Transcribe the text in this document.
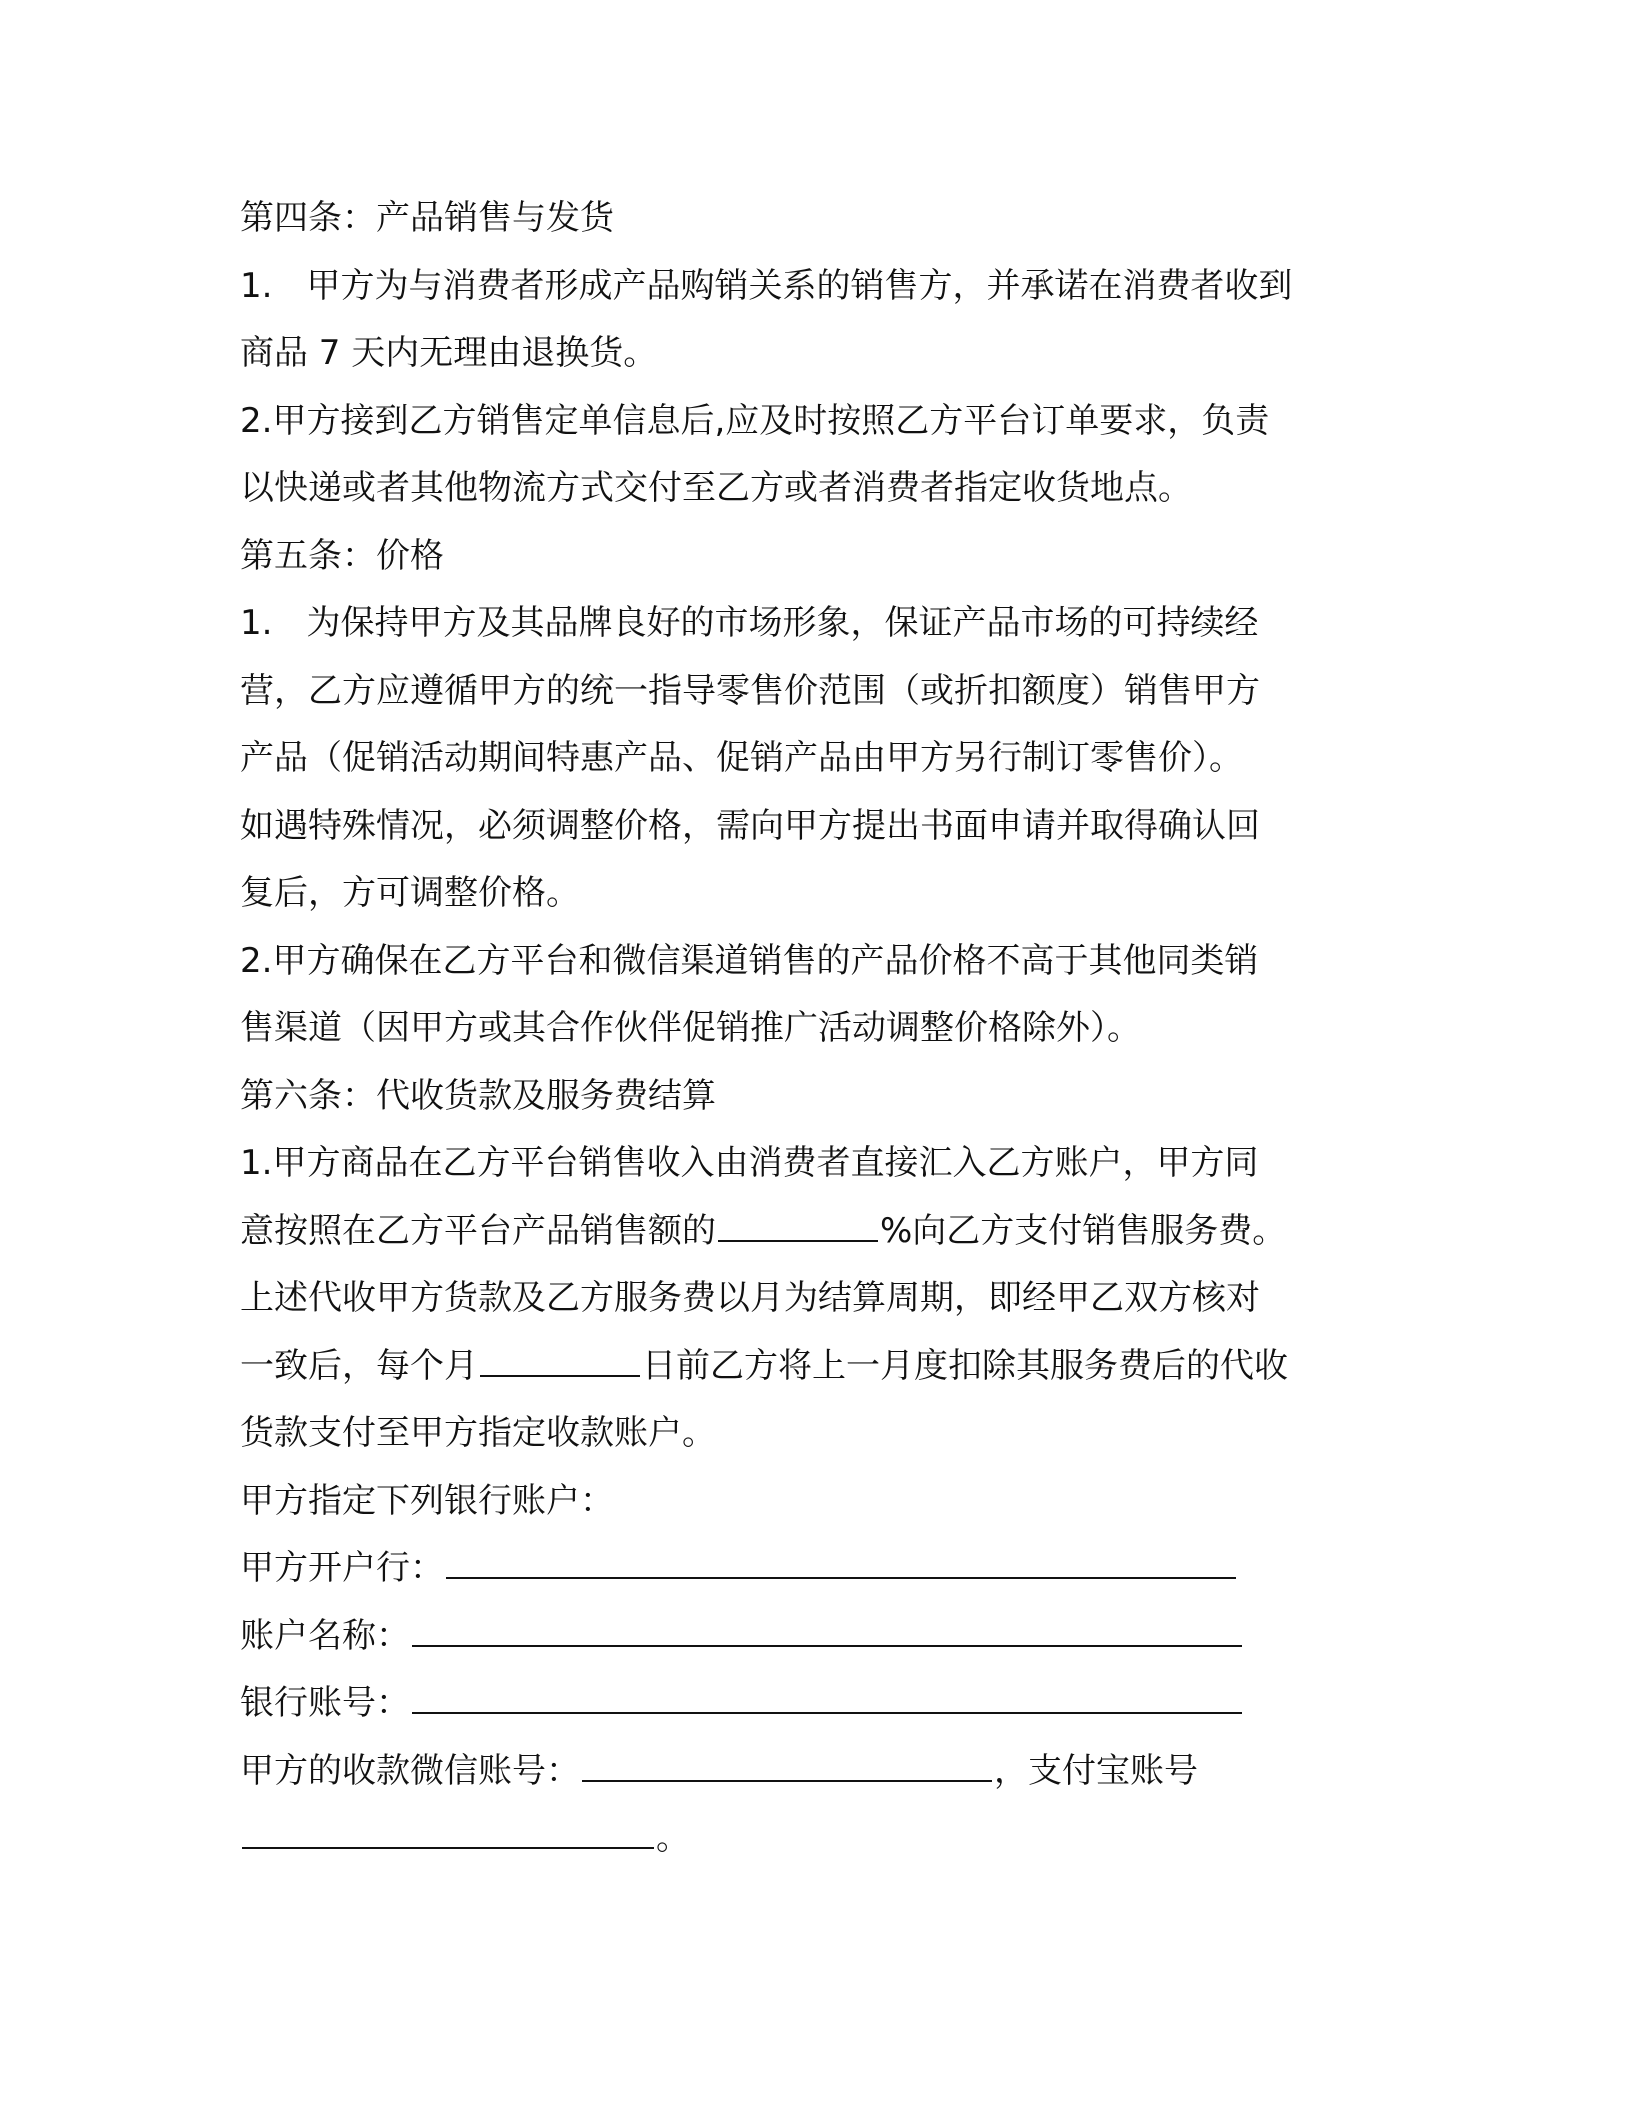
第四条：产品销售与发货
1.　甲方为与消费者形成产品购销关系的销售方，并承诺在消费者收到
商品 7 天内无理由退换货。
2.甲方接到乙方销售定单信息后,应及时按照乙方平台订单要求，负责
以快递或者其他物流方式交付至乙方或者消费者指定收货地点。
第五条：价格
1.　为保持甲方及其品牌良好的市场形象，保证产品市场的可持续经
营，乙方应遵循甲方的统一指导零售价范围（或折扣额度）销售甲方
产品（促销活动期间特惠产品、促销产品由甲方另行制订零售价）。
如遇特殊情况，必须调整价格，需向甲方提出书面申请并取得确认回
复后，方可调整价格。
2.甲方确保在乙方平台和微信渠道销售的产品价格不高于其他同类销
售渠道（因甲方或其合作伙伴促销推广活动调整价格除外）。
第六条：代收货款及服务费结算
1.甲方商品在乙方平台销售收入由消费者直接汇入乙方账户，甲方同
意按照在乙方平台产品销售额的	%向乙方支付销售服务费。
上述代收甲方货款及乙方服务费以月为结算周期，即经甲乙双方核对
一致后，每个月	日前乙方将上一月度扣除其服务费后的代收
货款支付至甲方指定收款账户。
甲方指定下列银行账户：
甲方开户行：
账户名称：
银行账号：
甲方的收款微信账号：	，支付宝账号
。
